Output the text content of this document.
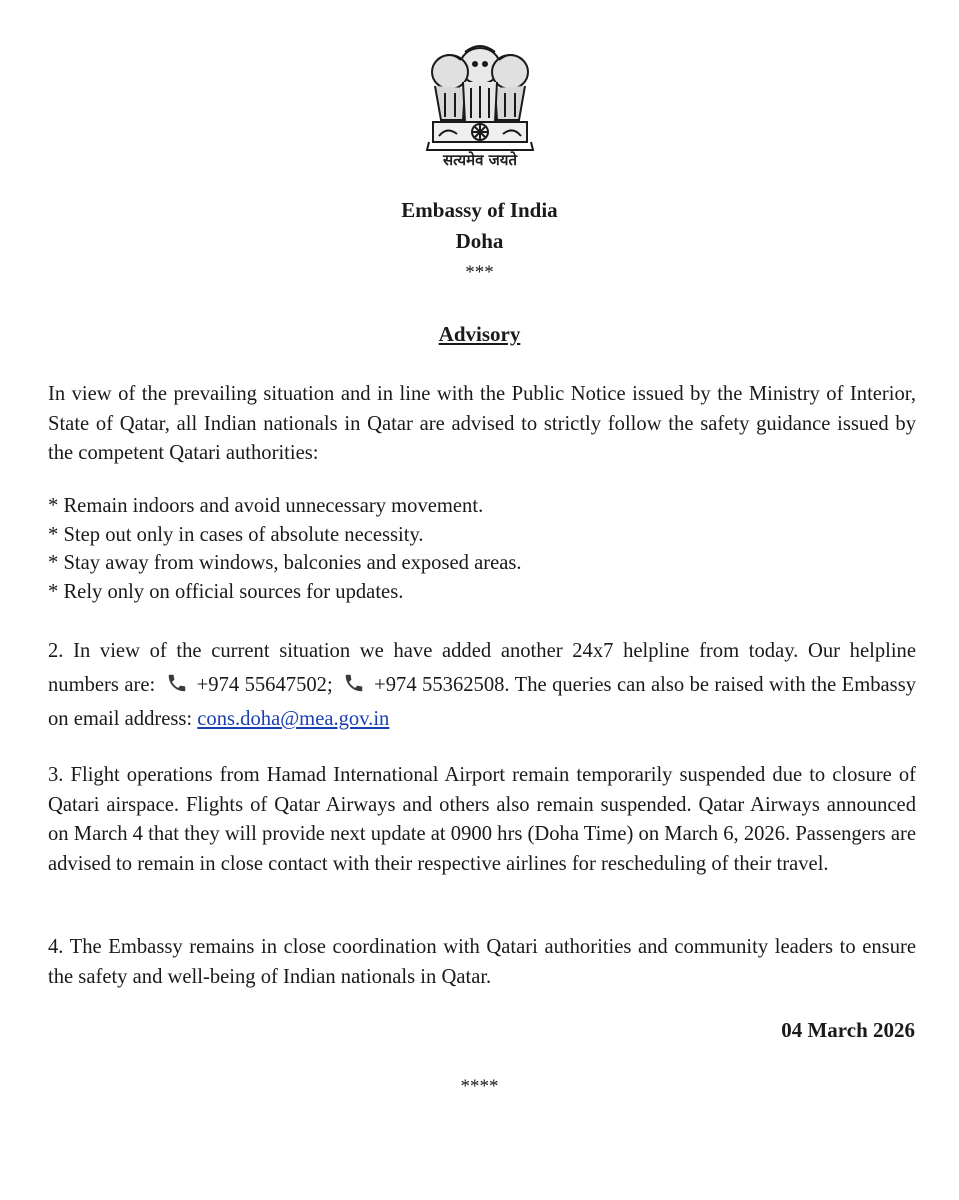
सत्यमेव जयते
Embassy of India
Doha
***
Advisory

In view of the prevailing situation and in line with the Public Notice issued by the Ministry of Interior, State of Qatar, all Indian nationals in Qatar are advised to strictly follow the safety guidance issued by the competent Qatari authorities:

* Remain indoors and avoid unnecessary movement.
* Step out only in cases of absolute necessity.
* Stay away from windows, balconies and exposed areas.
* Rely only on official sources for updates.

2. In view of the current situation we have added another 24x7 helpline from today. Our helpline numbers are: +974 55647502; +974 55362508. The queries can also be raised with the Embassy on email address: cons.doha@mea.gov.in

3. Flight operations from Hamad International Airport remain temporarily suspended due to closure of Qatari airspace. Flights of Qatar Airways and others also remain suspended. Qatar Airways announced on March 4 that they will provide next update at 0900 hrs (Doha Time) on March 6, 2026. Passengers are advised to remain in close contact with their respective airlines for rescheduling of their travel.

4. The Embassy remains in close coordination with Qatari authorities and community leaders to ensure the safety and well-being of Indian nationals in Qatar.

04 March 2026
****
